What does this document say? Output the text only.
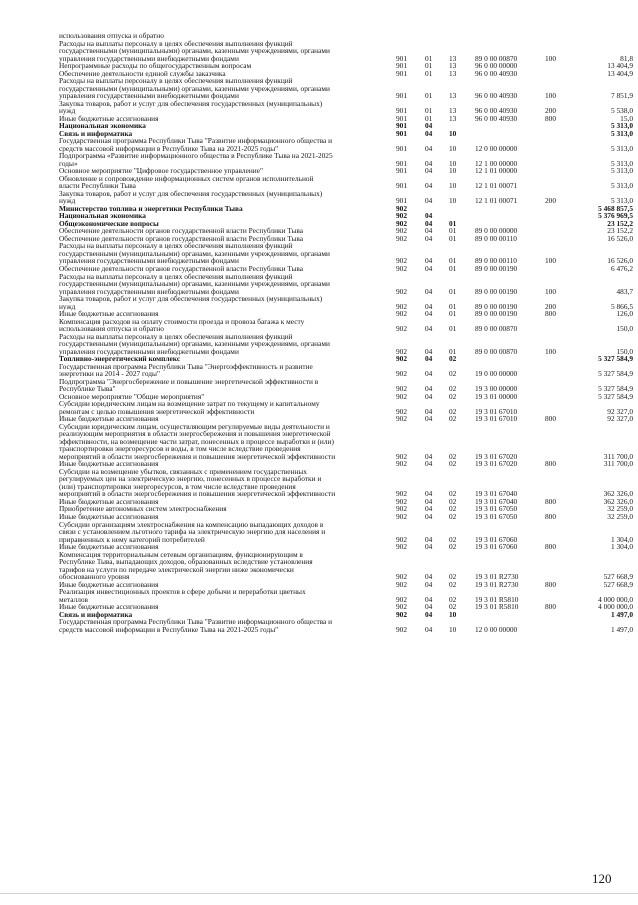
использования отпуска и обратно
Расходы на выплаты персоналу в целях обеспечения выполнения функций
государственными (муниципальными) органами, казенными учреждениями, органами
управления государственными внебюджетными фондами	901 01 13	89 0 00 00870	100	81,8
Непрограммные расходы по общегосударственным вопросам	901 01 13	96 0 00 00000	13 404,9
Обеспечение деятельности единой службы заказчика	901 01 13	96 0 00 40930	13 404,9
Расходы на выплаты персоналу в целях обеспечения выполнения функций
государственными (муниципальными) органами, казенными учреждениями, органами
управления государственными внебюджетными фондами	901 01 13	96 0 00 40930	100	7 851,9
Закупка товаров, работ и услуг для обеспечения государственных (муниципальных)
нужд	901 01 13	96 0 00 40930	200	5 538,0
Иные бюджетные ассигнования	901 01 13	96 0 00 40930	800	15,0
Национальная экономика	901 04	5 313,0
Связь и информатика	901 04 10	5 313,0
Государственная программа Республики Тыва "Развитие информационного общества и
средств массовой информации в Республике Тыва на 2021-2025 годы"	901 04 10	12 0 00 00000	5 313,0
Подпрограмма «Развитие информационного общества в Республике Тыва на 2021-2025
годы»	901 04 10	12 1 00 00000	5 313,0
Основное мероприятие "Цифровое государственное управление"	901 04 10	12 1 01 00000	5 313,0
Обновление и сопровождение информационных систем органов исполнительной
власти Республики Тыва	901 04 10	12 1 01 00071	5 313,0
Закупка товаров, работ и услуг для обеспечения государственных (муниципальных)
нужд	901 04 10	12 1 01 00071	200	5 313,0
Министерство топлива и энергетики Республики Тыва	902	5 468 857,5
Национальная экономика	902 04	5 376 969,5
Общеэкономические вопросы	902 04 01	23 152,2
Обеспечение деятельности органов государственной власти Республики Тыва	902 04 01	89 0 00 00000	23 152,2
Обеспечение деятельности органов государственной власти Республики Тыва	902 04 01	89 0 00 00110	16 526,0
Расходы на выплаты персоналу в целях обеспечения выполнения функций
государственными (муниципальными) органами, казенными учреждениями, органами
управления государственными внебюджетными фондами	902 04 01	89 0 00 00110	100	16 526,0
Обеспечение деятельности органов государственной власти Республики Тыва	902 04 01	89 0 00 00190	6 476,2
Расходы на выплаты персоналу в целях обеспечения выполнения функций
государственными (муниципальными) органами, казенными учреждениями, органами
управления государственными внебюджетными фондами	902 04 01	89 0 00 00190	100	483,7
Закупка товаров, работ и услуг для обеспечения государственных (муниципальных)
нужд	902 04 01	89 0 00 00190	200	5 866,5
Иные бюджетные ассигнования	902 04 01	89 0 00 00190	800	126,0
Компенсация расходов на оплату стоимости проезда и провоза багажа к месту
использования отпуска и обратно	902 04 01	89 0 00 00870	150,0
Расходы на выплаты персоналу в целях обеспечения выполнения функций
государственными (муниципальными) органами, казенными учреждениями, органами
управления государственными внебюджетными фондами	902 04 01	89 0 00 00870	100	150,0
Топливно-энергетический комплекс	902 04 02	5 327 584,9
Государственная программа Республики Тыва "Энергоэффективность и развитие
энергетики на 2014 - 2027 годы"	902 04 02	19 0 00 00000	5 327 584,9
Подпрограмма "Энергосбережение и повышение энергетической эффективности в
Республике Тыва"	902 04 02	19 3 00 00000	5 327 584,9
Основное мероприятие "Общие мероприятия"	902 04 02	19 3 01 00000	5 327 584,9
Субсидии юридическим лицам на возмещение затрат по текущему и капитальному
ремонтам с целью повышения энергетической эффективности	902 04 02	19 3 01 67010	92 327,0
Иные бюджетные ассигнования	902 04 02	19 3 01 67010	800	92 327,0
Субсидии юридическим лицам, осуществляющим регулируемые виды деятельности и
реализующим мероприятия в области энергосбережения и повышения энергетической
эффективности, на возмещение части затрат, понесенных в процессе выработки и (или)
транспортировки энергоресурсов и воды, в том числе вследствие проведения
мероприятий в области энергосбережения и повышения энергетической эффективности	902 04 02	19 3 01 67020	311 700,0
Иные бюджетные ассигнования	902 04 02	19 3 01 67020	800	311 700,0
Субсидии на возмещение убытков, связанных с применением государственных
регулируемых цен на электрическую энергию, понесенных в процессе выработки и
(или) транспортировки энергоресурсов, в том числе вследствие проведения
мероприятий в области энергосбережения и повышения энергетической эффективности	902 04 02	19 3 01 67040	362 326,0
Иные бюджетные ассигнования	902 04 02	19 3 01 67040	800	362 326,0
Приобретение автономных систем электроснабжения	902 04 02	19 3 01 67050	32 259,0
Иные бюджетные ассигнования	902 04 02	19 3 01 67050	800	32 259,0
Субсидии организациям электроснабжения на компенсацию выпадающих доходов в
связи с установлением льготного тарифа на электрическую энергию для населения и
приравненных к нему категорий потребителей	902 04 02	19 3 01 67060	1 304,0
Иные бюджетные ассигнования	902 04 02	19 3 01 67060	800	1 304,0
Компенсация территориальным сетевым организациям, функционирующим в
Республике Тыва, выпадающих доходов, образованных вследствие установления
тарифов на услуги по передаче электрической энергии ниже экономически
обоснованного уровня	902 04 02	19 3 01 R2730	527 668,9
Иные бюджетные ассигнования	902 04 02	19 3 01 R2730	800	527 668,9
Реализация инвестиционных проектов в сфере добычи и переработки цветных
металлов	902 04 02	19 3 01 R5810	4 000 000,0
Иные бюджетные ассигнования	902 04 02	19 3 01 R5810	800	4 000 000,0
Связь и информатика	902 04 10	1 497,0
Государственная программа Республики Тыва "Развитие информационного общества и
средств массовой информации в Республике Тыва на 2021-2025 годы"	902 04 10	12 0 00 00000	1 497,0
120
